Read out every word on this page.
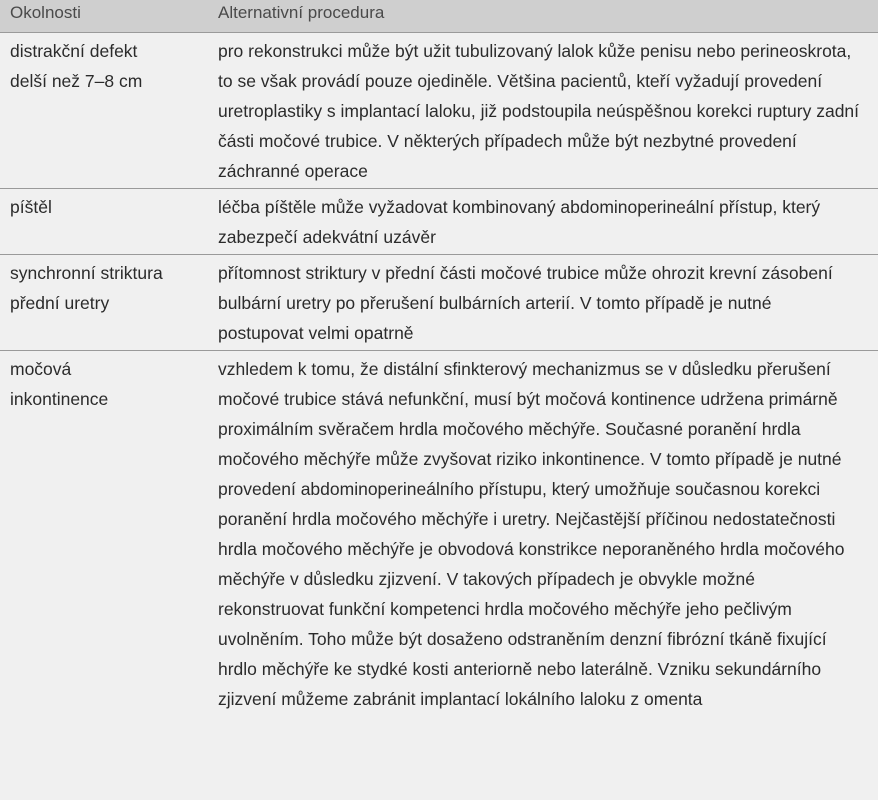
Okolnosti	Alternativní procedura
distrakční defekt delší než 7–8 cm	pro rekonstrukci může být užit tubulizovaný lalok kůže penisu nebo perineoskrota, to se však provádí pouze ojediněle. Většina pacientů, kteří vyžadují provedení uretroplastiky s implantací laloku, již podstoupila neúspěšnou korekci ruptury zadní části močové trubice. V některých případech může být nezbytné provedení záchranné operace
píštěl	léčba píštěle může vyžadovat kombinovaný abdominoperineální přístup, který zabezpečí adekvátní uzávěr
synchronní striktura přední uretry	přítomnost striktury v přední části močové trubice může ohrozit krevní zásobení bulbární uretry po přerušení bulbárních arterií. V tomto případě je nutné postupovat velmi opatrně
močová inkontinence	vzhledem k tomu, že distální sfinkterový mechanizmus se v důsledku přerušení močové trubice stává nefunkční, musí být močová kontinence udržena primárně proximálním svěračem hrdla močového měchýře. Současné poranění hrdla močového měchýře může zvyšovat riziko inkontinence. V tomto případě je nutné provedení abdominoperineálního přístupu, který umožňuje současnou korekci poranění hrdla močového měchýře i uretry. Nejčastější příčinou nedostatečnosti hrdla močového měchýře je obvodová konstrikce neporaněného hrdla močového měchýře v důsledku zjizvení. V takových případech je obvykle možné rekonstruovat funkční kompetenci hrdla močového měchýře jeho pečlivým uvolněním. Toho může být dosaženo odstraněním denzní fibrózní tkáně fixující hrdlo měchýře ke stydké kosti anteriorně nebo laterálně. Vzniku sekundárního zjizvení můžeme zabránit implantací lokálního laloku z omenta
